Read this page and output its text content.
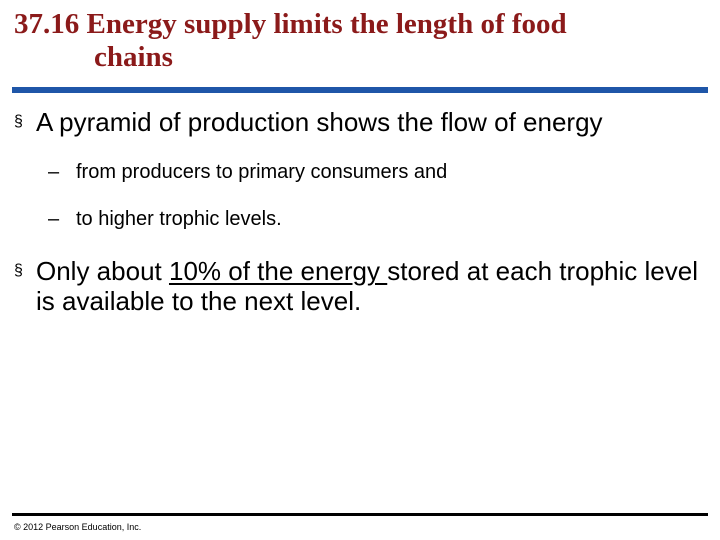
37.16 Energy supply limits the length of food
chains
§ A pyramid of production shows the flow of energy
– from producers to primary consumers and
– to higher trophic levels.
§ Only about 10% of the energy stored at each trophic level is available to the next level.
© 2012 Pearson Education, Inc.
